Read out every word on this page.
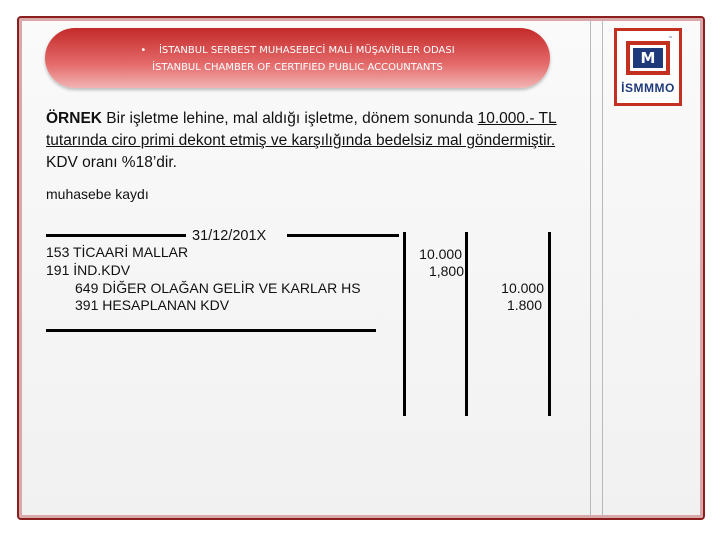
• İSTANBUL SERBEST MUHASEBECİ MALİ MÜŞAVİRLER ODASI
İSTANBUL CHAMBER OF CERTIFIED PUBLIC ACCOUNTANTS
M
™
İSMMMO
ÖRNEK Bir işletme lehine, mal aldığı işletme, dönem sonunda 10.000.- TL tutarında ciro primi dekont etmiş ve karşılığında bedelsiz mal göndermiştir. KDV oranı %18’dir.
muhasebe kaydı
31/12/201X
153 TİCAARİ MALLAR
191 İND.KDV
649 DİĞER OLAĞAN GELİR VE KARLAR HS
391 HESAPLANAN KDV
10.000
1,800
10.000
1.800
